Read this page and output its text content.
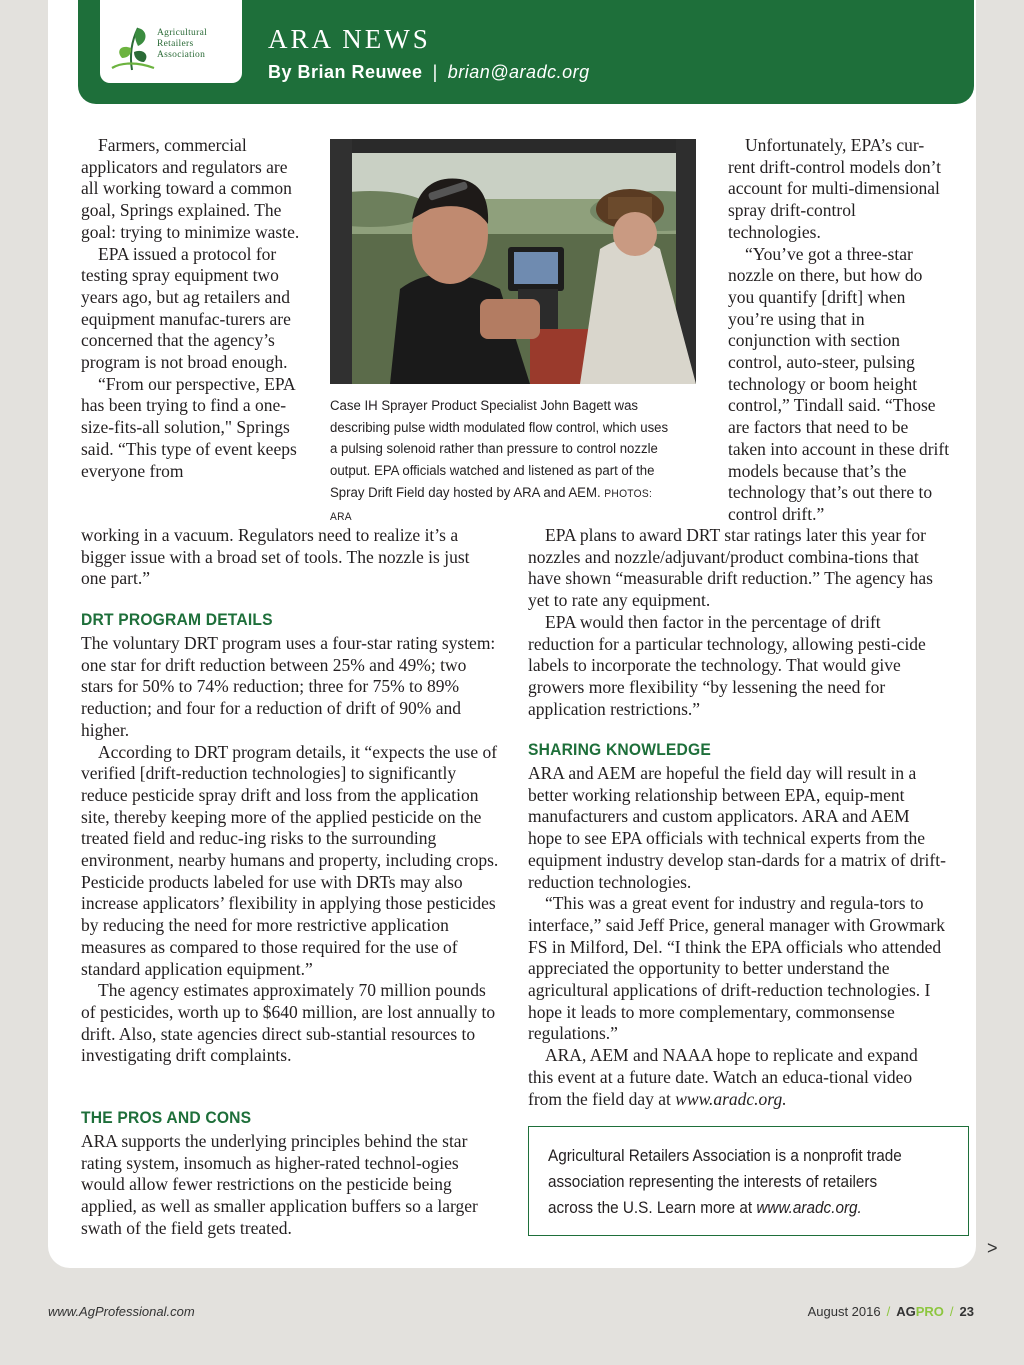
Agricultural
Retailers
Association
ARA NEWS
By Brian Reuwee | brian@aradc.org

Farmers, commercial applicators and regulators are all working toward a common goal, Springs explained. The goal: trying to minimize waste.

EPA issued a protocol for testing spray equipment two years ago, but ag retailers and equipment manufac-turers are concerned that the agency’s program is not broad enough.

“From our perspective, EPA has been trying to find a one-size-fits-all solution," Springs said. “This type of event keeps everyone from

working in a vacuum. Regulators need to realize it’s a bigger issue with a broad set of tools. The nozzle is just one part.”

DRT PROGRAM DETAILS

The voluntary DRT program uses a four-star rating system: one star for drift reduction between 25% and 49%; two stars for 50% to 74% reduction; three for 75% to 89% reduction; and four for a reduction of drift of 90% and higher.

According to DRT program details, it “expects the use of verified [drift-reduction technologies] to significantly reduce pesticide spray drift and loss from the application site, thereby keeping more of the applied pesticide on the treated field and reduc-ing risks to the surrounding environment, nearby humans and property, including crops. Pesticide products labeled for use with DRTs may also increase applicators’ flexibility in applying those pesticides by reducing the need for more restrictive application measures as compared to those required for the use of standard application equipment.”

The agency estimates approximately 70 million pounds of pesticides, worth up to $640 million, are lost annually to drift. Also, state agencies direct sub-stantial resources to investigating drift complaints.

THE PROS AND CONS

ARA supports the underlying principles behind the star rating system, insomuch as higher-rated technol-ogies would allow fewer restrictions on the pesticide being applied, as well as smaller application buffers so a larger swath of the field gets treated.

Case IH Sprayer Product Specialist John Bagett was describing pulse width modulated flow control, which uses a pulsing solenoid rather than pressure to control nozzle output. EPA officials watched and listened as part of the Spray Drift Field day hosted by ARA and AEM. PHOTOS: ARA

Unfortunately, EPA’s cur-rent drift-control models don’t account for multi-dimensional spray drift-control technologies.

“You’ve got a three-star nozzle on there, but how do you quantify [drift] when you’re using that in conjunction with section control, auto-steer, pulsing technology or boom height control,” Tindall said. “Those are factors that need to be taken into account in these drift models because that’s the technology that’s out there to control drift.”

EPA plans to award DRT star ratings later this year for nozzles and nozzle/adjuvant/product combina-tions that have shown “measurable drift reduction.” The agency has yet to rate any equipment.

EPA would then factor in the percentage of drift reduction for a particular technology, allowing pesti-cide labels to incorporate the technology. That would give growers more flexibility “by lessening the need for application restrictions.”

SHARING KNOWLEDGE

ARA and AEM are hopeful the field day will result in a better working relationship between EPA, equip-ment manufacturers and custom applicators. ARA and AEM hope to see EPA officials with technical experts from the equipment industry develop stan-dards for a matrix of drift-reduction technologies.

“This was a great event for industry and regula-tors to interface,” said Jeff Price, general manager with Growmark FS in Milford, Del. “I think the EPA officials who attended appreciated the opportunity to better understand the agricultural applications of drift-reduction technologies. I hope it leads to more complementary, commonsense regulations.”

ARA, AEM and NAAA hope to replicate and expand this event at a future date. Watch an educa-tional video from the field day at www.aradc.org.

Agricultural Retailers Association is a nonprofit trade association representing the interests of retailers across the U.S. Learn more at www.aradc.org.
>
www.AgProfessional.com	August 2016 / AGPRO / 23
